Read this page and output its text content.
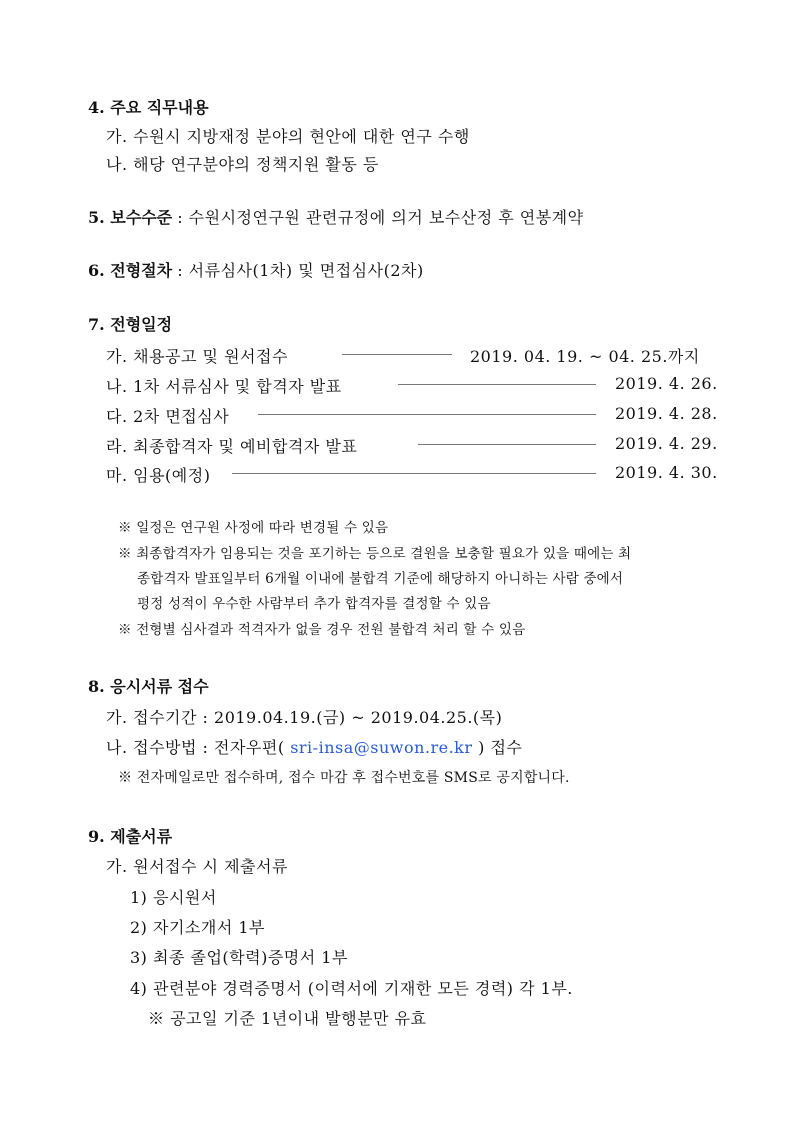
4. 주요 직무내용
가. 수원시 지방재정 분야의 현안에 대한 연구 수행
나. 해당 연구분야의 정책지원 활동 등
5. 보수수준 : 수원시정연구원 관련규정에 의거 보수산정 후 연봉계약
6. 전형절차 : 서류심사(1차) 및 면접심사(2차)
7. 전형일정
가. 채용공고 및 원서접수	2019. 04. 19. ~ 04. 25.까지
나. 1차 서류심사 및 합격자 발표	2019. 4. 26.
다. 2차 면접심사	2019. 4. 28.
라. 최종합격자 및 예비합격자 발표	2019. 4. 29.
마. 임용(예정)	2019. 4. 30.
※ 일정은 연구원 사정에 따라 변경될 수 있음
※ 최종합격자가 임용되는 것을 포기하는 등으로 결원을 보충할 필요가 있을 때에는 최
종합격자 발표일부터 6개월 이내에 불합격 기준에 해당하지 아니하는 사람 중에서
평정 성적이 우수한 사람부터 추가 합격자를 결정할 수 있음
※ 전형별 심사결과 적격자가 없을 경우 전원 불합격 처리 할 수 있음
8. 응시서류 접수
가. 접수기간 : 2019.04.19.(금) ~ 2019.04.25.(목)
나. 접수방법 : 전자우편( sri-insa@suwon.re.kr ) 접수
※ 전자메일로만 접수하며, 접수 마감 후 접수번호를 SMS로 공지합니다.
9. 제출서류
가. 원서접수 시 제출서류
1) 응시원서
2) 자기소개서 1부
3) 최종 졸업(학력)증명서 1부
4) 관련분야 경력증명서 (이력서에 기재한 모든 경력) 각 1부.
※ 공고일 기준 1년이내 발행분만 유효
